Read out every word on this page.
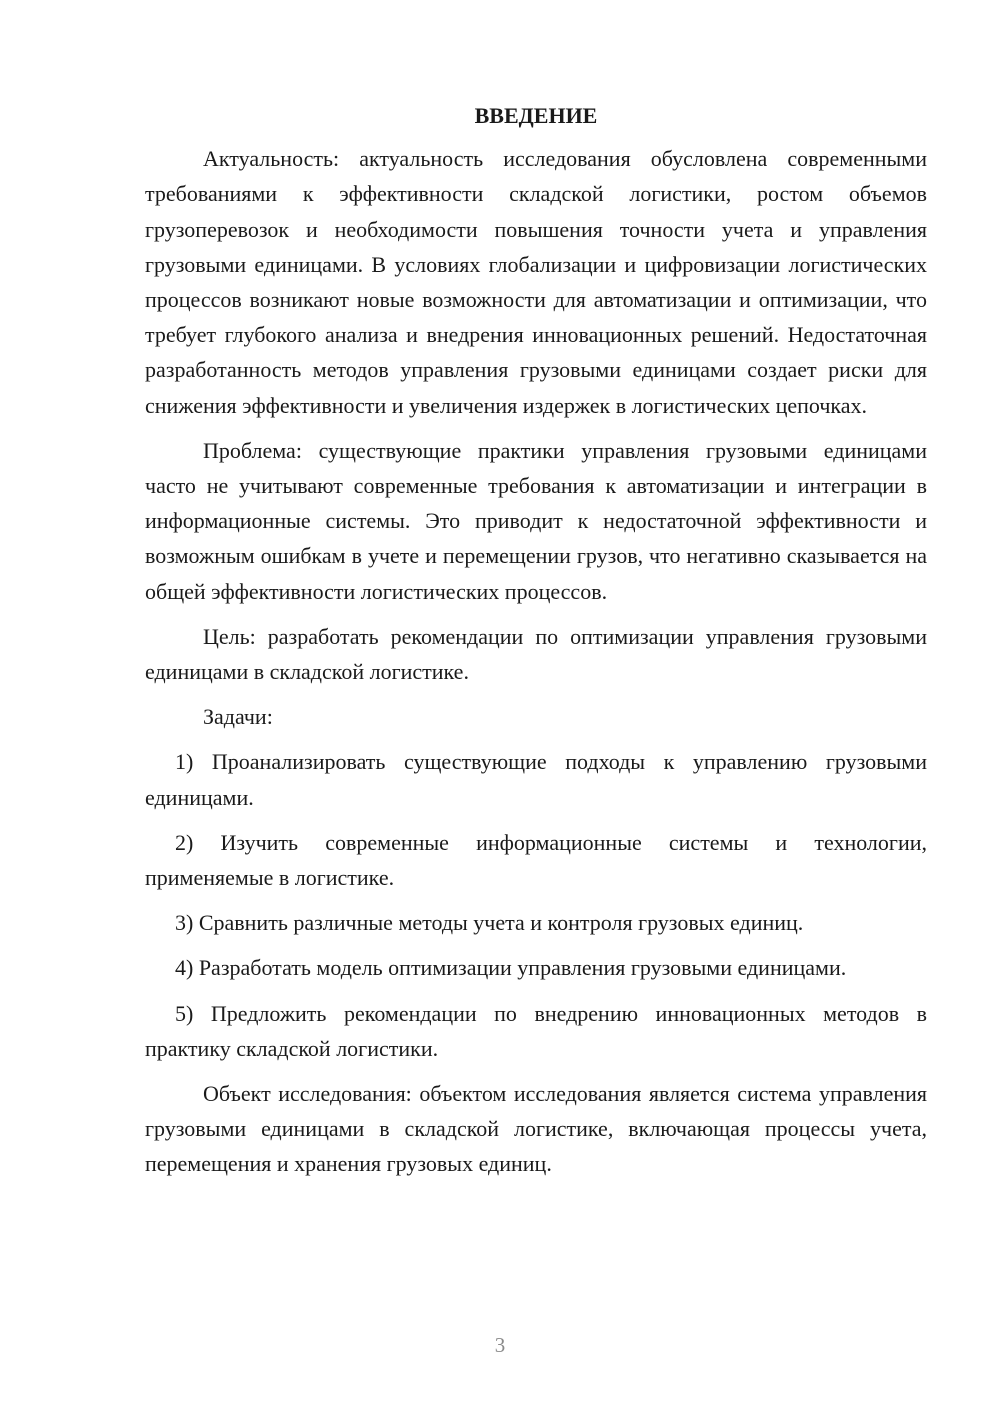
ВВЕДЕНИЕ

Актуальность: актуальность исследования обусловлена современными требованиями к эффективности складской логистики, ростом объемов грузоперевозок и необходимости повышения точности учета и управления грузовыми единицами. В условиях глобализации и цифровизации логистических процессов возникают новые возможности для автоматизации и оптимизации, что требует глубокого анализа и внедрения инновационных решений. Недостаточная разработанность методов управления грузовыми единицами создает риски для снижения эффективности и увеличения издержек в логистических цепочках.

Проблема: существующие практики управления грузовыми единицами часто не учитывают современные требования к автоматизации и интеграции в информационные системы. Это приводит к недостаточной эффективности и возможным ошибкам в учете и перемещении грузов, что негативно сказывается на общей эффективности логистических процессов.

Цель: разработать рекомендации по оптимизации управления грузовыми единицами в складской логистике.

Задачи:

1) Проанализировать существующие подходы к управлению грузовыми единицами.

2) Изучить современные информационные системы и технологии, применяемые в логистике.

3) Сравнить различные методы учета и контроля грузовых единиц.

4) Разработать модель оптимизации управления грузовыми единицами.

5) Предложить рекомендации по внедрению инновационных методов в практику складской логистики.

Объект исследования: объектом исследования является система управления грузовыми единицами в складской логистике, включающая процессы учета, перемещения и хранения грузовых единиц.

3
